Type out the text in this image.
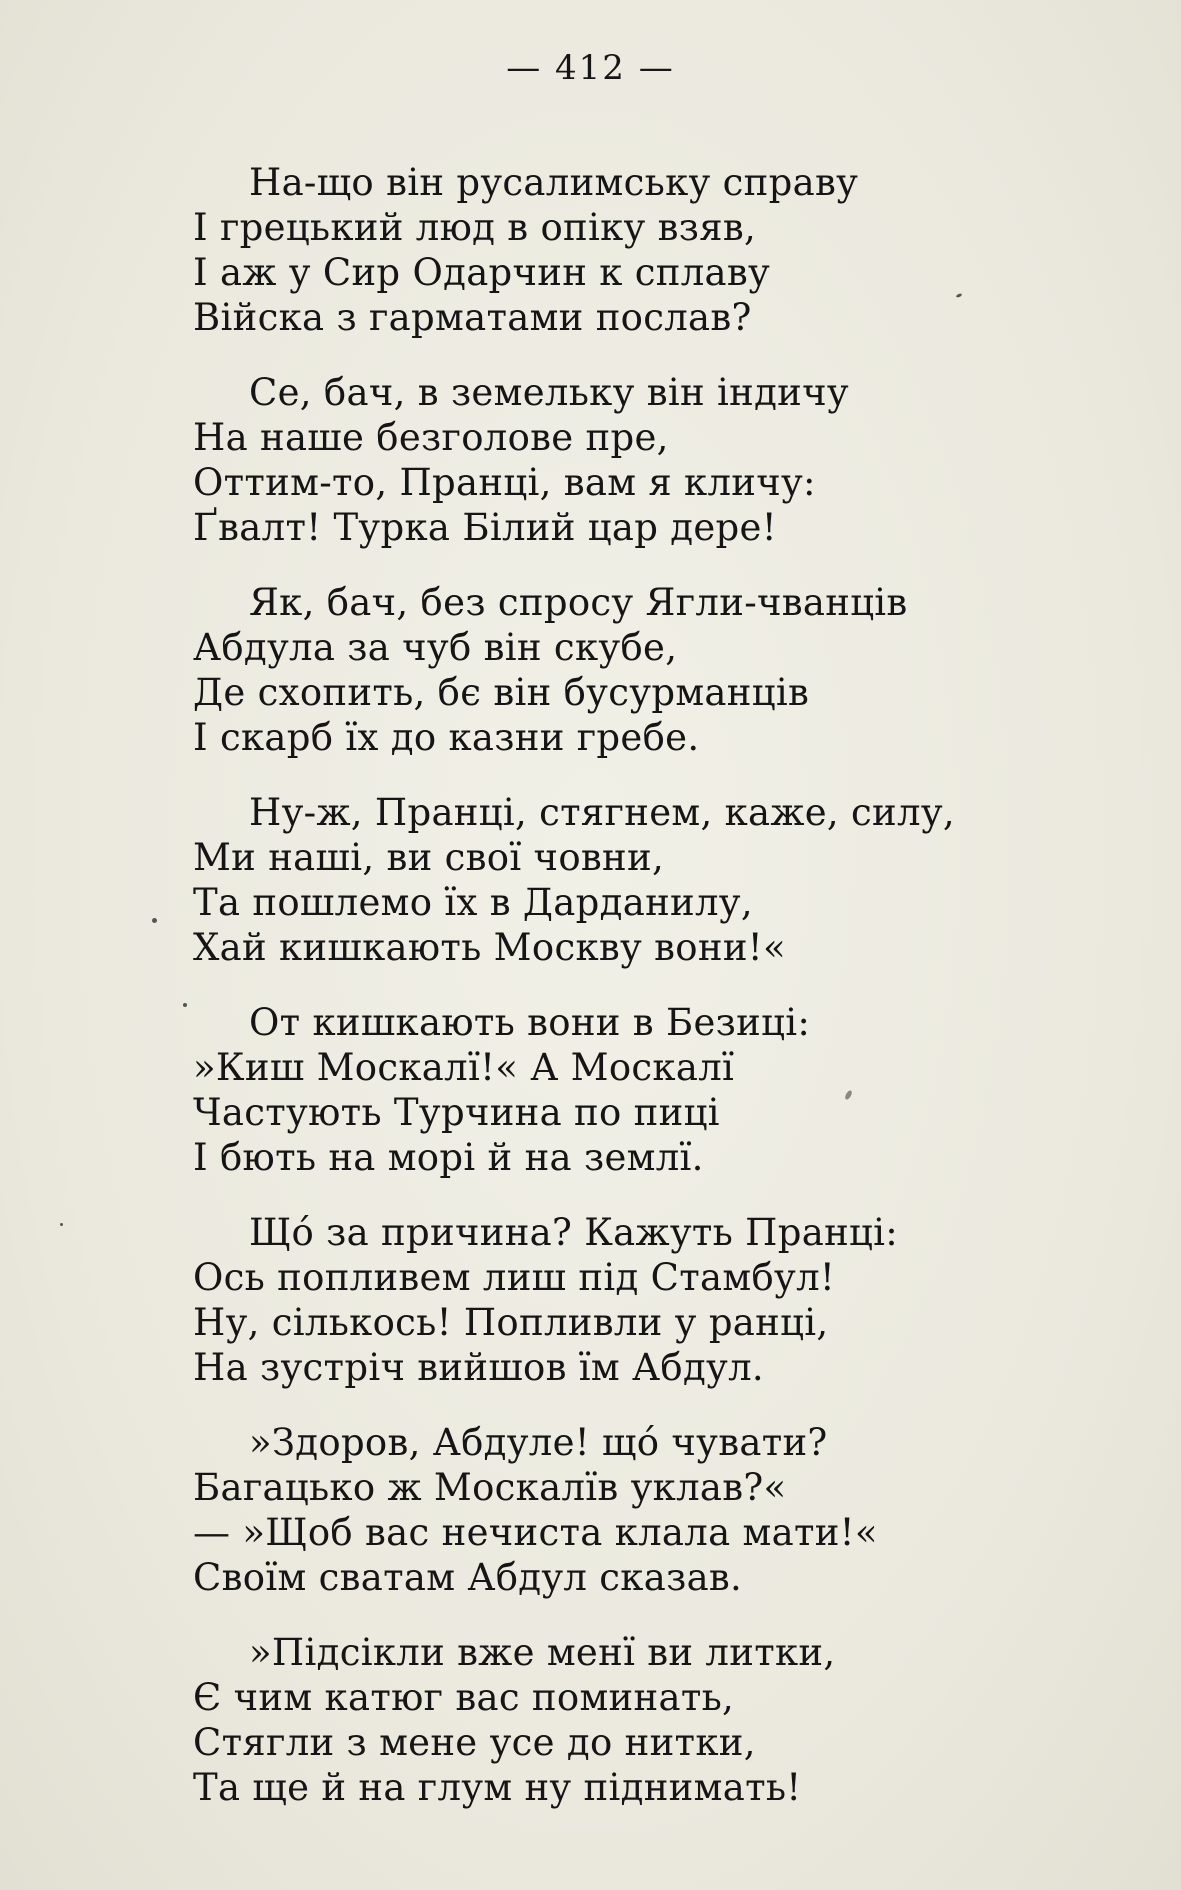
— 412 —
На-що він русалимську справу
І грецький люд в опіку взяв,
І аж у Сир Одарчин к сплаву
Війска з гарматами послав?
Се, бач, в земельку він індичу
На наше безголове пре,
Оттим-то, Пранці, вам я кличу:
Ґвалт! Турка Білий цар дере!
Як, бач, без спросу Ягли-чванців
Абдула за чуб він скубе,
Де схопить, бє він бусурманців
І скарб їх до казни гребе.
Ну-ж, Пранці, стягнем, каже, силу,
Ми наші, ви свої човни,
Та пошлемо їх в Дарданилу,
Хай кишкають Москву вони!«
От кишкають вони в Безиці:
»Киш Москалї!« А Москалї
Частують Турчина по пиці
І бють на морі й на землї.
Щó за причина? Кажуть Пранці:
Ось попливем лиш під Стамбул!
Ну, сількось! Попливли у ранці,
На зустріч вийшов їм Абдул.
»Здоров, Абдуле! щó чувати?
Багацько ж Москалїв уклав?«
— »Щоб вас нечиста клала мати!«
Своїм сватам Абдул сказав.
»Підсікли вже менї ви литки,
Є чим катюг вас поминать,
Стягли з мене усе до нитки,
Та ще й на глум ну піднимать!
